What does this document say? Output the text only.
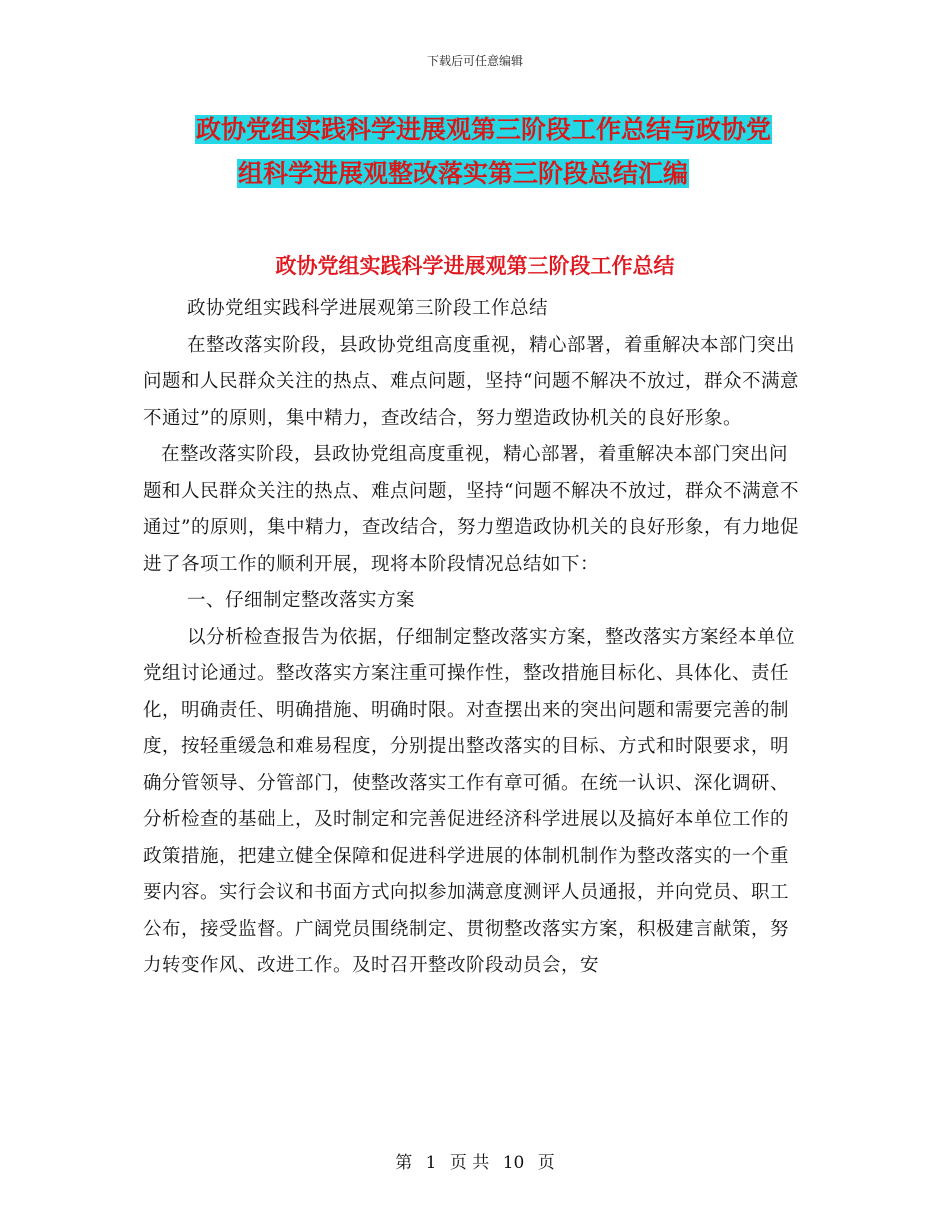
下载后可任意编辑
政协党组实践科学进展观第三阶段工作总结与政协党
组科学进展观整改落实第三阶段总结汇编
政协党组实践科学进展观第三阶段工作总结

政协党组实践科学进展观第三阶段工作总结

在整改落实阶段，县政协党组高度重视，精心部署，着重解决本部门突出问题和人民群众关注的热点、难点问题，坚持“问题不解决不放过，群众不满意不通过”的原则，集中精力，查改结合，努力塑造政协机关的良好形象。

在整改落实阶段，县政协党组高度重视，精心部署，着重解决本部门突出问题和人民群众关注的热点、难点问题，坚持“问题不解决不放过，群众不满意不通过”的原则，集中精力，查改结合，努力塑造政协机关的良好形象，有力地促进了各项工作的顺利开展，现将本阶段情况总结如下：

一、仔细制定整改落实方案

以分析检查报告为依据，仔细制定整改落实方案，整改落实方案经本单位党组讨论通过。整改落实方案注重可操作性，整改措施目标化、具体化、责任化，明确责任、明确措施、明确时限。对查摆出来的突出问题和需要完善的制度，按轻重缓急和难易程度，分别提出整改落实的目标、方式和时限要求，明确分管领导、分管部门，使整改落实工作有章可循。在统一认识、深化调研、分析检查的基础上，及时制定和完善促进经济科学进展以及搞好本单位工作的政策措施，把建立健全保障和促进科学进展的体制机制作为整改落实的一个重要内容。实行会议和书面方式向拟参加满意度测评人员通报，并向党员、职工公布，接受监督。广阔党员围绕制定、贯彻整改落实方案，积极建言献策，努力转变作风、改进工作。及时召开整改阶段动员会，安

第 1 页 共 10 页
